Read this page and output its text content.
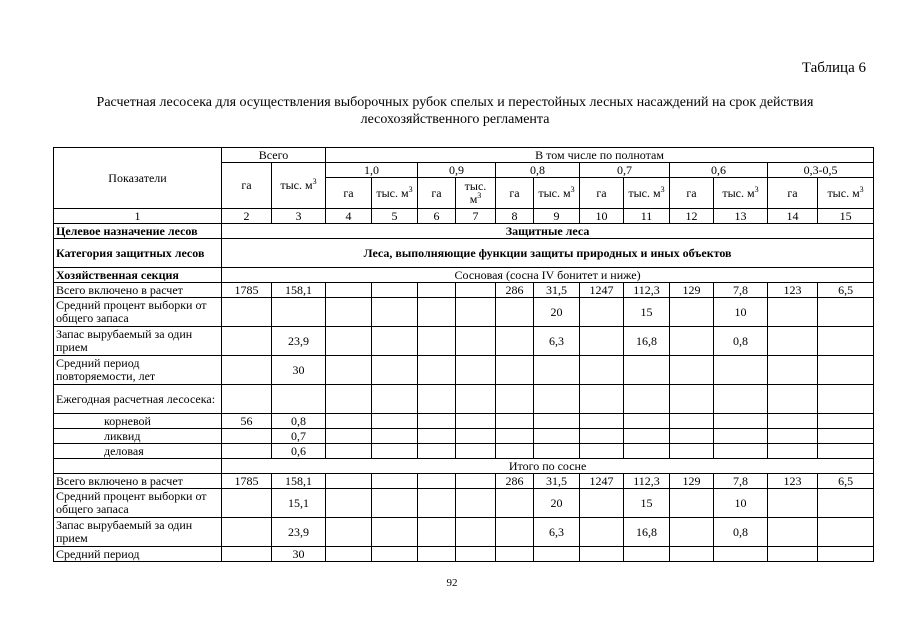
Таблица 6
Расчетная лесосека для осуществления выборочных рубок спелых и перестойных лесных насаждений на срок действия лесохозяйственного регламента
Показатели	Всего		В том числе по полнотам											
	га	тыс. $м^3$	1,0		0,9		0,8		0,7		0,6		0,3-0,5	
			га	тыс. $м^3$	га	тыс. $м^3$	га	тыс. $м^3$	га	тыс. $м^3$	га	тыс. $м^3$	га	тыс. $м^3$
1	2	3	4	5	6	7	8	9	10	11	12	13	14	15
Целевое назначение лесов	Защитные леса													
Категория защитных лесов	Леса, выполняющие функции защиты природных и иных объектов													
Хозяйственная секция	Сосновая (сосна IV бонитет и ниже)													
Всего включено в расчет	1785	158,1					286	31,5	1247	112,3	129	7,8	123	6,5
Средний процент выборки от общего запаса								20		15		10		
Запас вырубаемый за один прием		23,9						6,3		16,8		0,8		
Средний период повторяемости, лет		30												
Ежегодная расчетная лесосека:														
корневой	56	0,8												
ликвид		0,7												
деловая		0,6												
	Итого по сосне													
Всего включено в расчет	1785	158,1					286	31,5	1247	112,3	129	7,8	123	6,5
Средний процент выборки от общего запаса		15,1						20		15		10		
Запас вырубаемый за один прием		23,9						6,3		16,8		0,8		
Средний период		30												
92
